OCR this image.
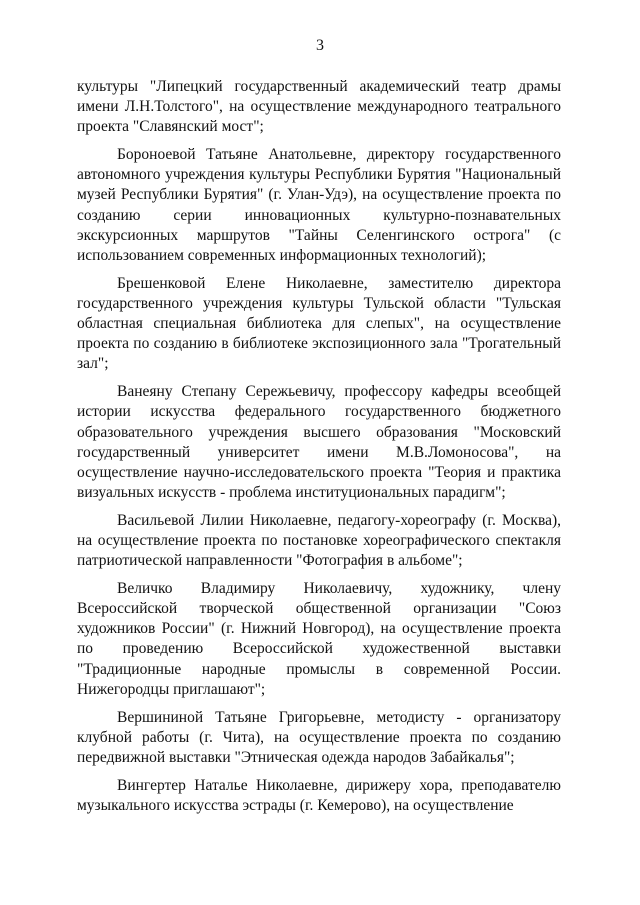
3

культуры "Липецкий государственный академический театр драмы имени Л.Н.Толстого", на осуществление международного театрального проекта "Славянский мост";

Бороноевой Татьяне Анатольевне, директору государственного автономного учреждения культуры Республики Бурятия "Национальный музей Республики Бурятия" (г. Улан-Удэ), на осуществление проекта по созданию серии инновационных культурно-познавательных экскурсионных маршрутов "Тайны Селенгинского острога" (с использованием современных информационных технологий);

Брешенковой Елене Николаевне, заместителю директора государственного учреждения культуры Тульской области "Тульская областная специальная библиотека для слепых", на осуществление проекта по созданию в библиотеке экспозиционного зала "Трогательный зал";

Ванеяну Степану Сережьевичу, профессору кафедры всеобщей истории искусства федерального государственного бюджетного образовательного учреждения высшего образования "Московский государственный университет имени М.В.Ломоносова", на осуществление научно-исследовательского проекта "Теория и практика визуальных искусств - проблема институциональных парадигм";

Васильевой Лилии Николаевне, педагогу-хореографу (г. Москва), на осуществление проекта по постановке хореографического спектакля патриотической направленности "Фотография в альбоме";

Величко Владимиру Николаевичу, художнику, члену Всероссийской творческой общественной организации "Союз художников России" (г. Нижний Новгород), на осуществление проекта по проведению Всероссийской художественной выставки "Традиционные народные промыслы в современной России. Нижегородцы приглашают";

Вершининой Татьяне Григорьевне, методисту - организатору клубной работы (г. Чита), на осуществление проекта по созданию передвижной выставки "Этническая одежда народов Забайкалья";

Вингертер Наталье Николаевне, дирижеру хора, преподавателю музыкального искусства эстрады (г. Кемерово), на осуществление
